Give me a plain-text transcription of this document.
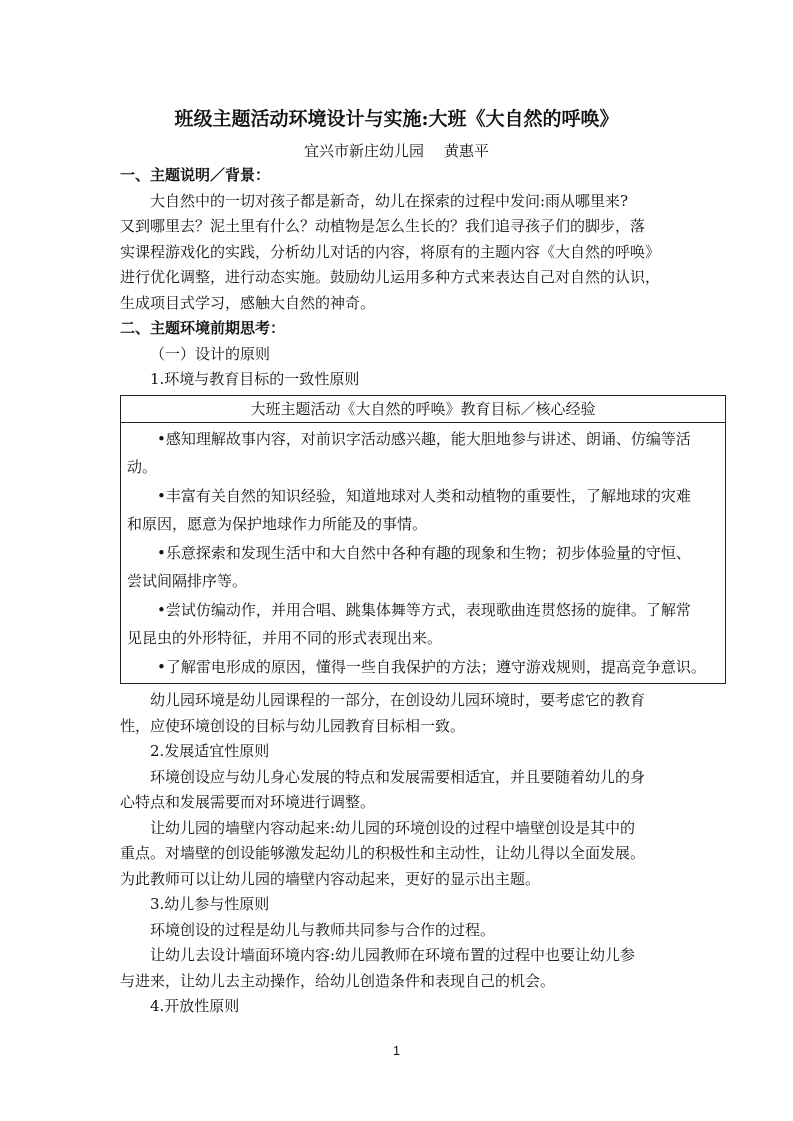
班级主题活动环境设计与实施:大班《大自然的呼唤》
宜兴市新庄幼儿园 黄惠平

一、主题说明／背景：

大自然中的一切对孩子都是新奇，幼儿在探索的过程中发问:雨从哪里来?

又到哪里去？泥土里有什么？动植物是怎么生长的？我们追寻孩子们的脚步，落

实课程游戏化的实践，分析幼儿对话的内容，将原有的主题内容《大自然的呼唤》

进行优化调整，进行动态实施。鼓励幼儿运用多种方式来表达自己对自然的认识，

生成项目式学习，感触大自然的神奇。

二、主题环境前期思考：

（一）设计的原则

1.环境与教育目标的一致性原则

大班主题活动《大自然的呼唤》教育目标／核心经验
•感知理解故事内容，对前识字活动感兴趣，能大胆地参与讲述、朗诵、仿编等活
动。
•丰富有关自然的知识经验，知道地球对人类和动植物的重要性，了解地球的灾难
和原因，愿意为保护地球作力所能及的事情。
•乐意探索和发现生活中和大自然中各种有趣的现象和生物；初步体验量的守恒、
尝试间隔排序等。
•尝试仿编动作，并用合唱、跳集体舞等方式，表现歌曲连贯悠扬的旋律。了解常
见昆虫的外形特征，并用不同的形式表现出来。
•了解雷电形成的原因，懂得一些自我保护的方法；遵守游戏规则，提高竞争意识。

幼儿园环境是幼儿园课程的一部分，在创设幼儿园环境时，要考虑它的教育

性，应使环境创设的目标与幼儿园教育目标相一致。

2.发展适宜性原则

环境创设应与幼儿身心发展的特点和发展需要相适宜，并且要随着幼儿的身

心特点和发展需要而对环境进行调整。

让幼儿园的墙壁内容动起来:幼儿园的环境创设的过程中墙壁创设是其中的

重点。对墙壁的创设能够激发起幼儿的积极性和主动性，让幼儿得以全面发展。

为此教师可以让幼儿园的墙壁内容动起来，更好的显示出主题。

3.幼儿参与性原则

环境创设的过程是幼儿与教师共同参与合作的过程。

让幼儿去设计墙面环境内容:幼儿园教师在环境布置的过程中也要让幼儿参

与进来，让幼儿去主动操作，给幼儿创造条件和表现自己的机会。

4.开放性原则

1
